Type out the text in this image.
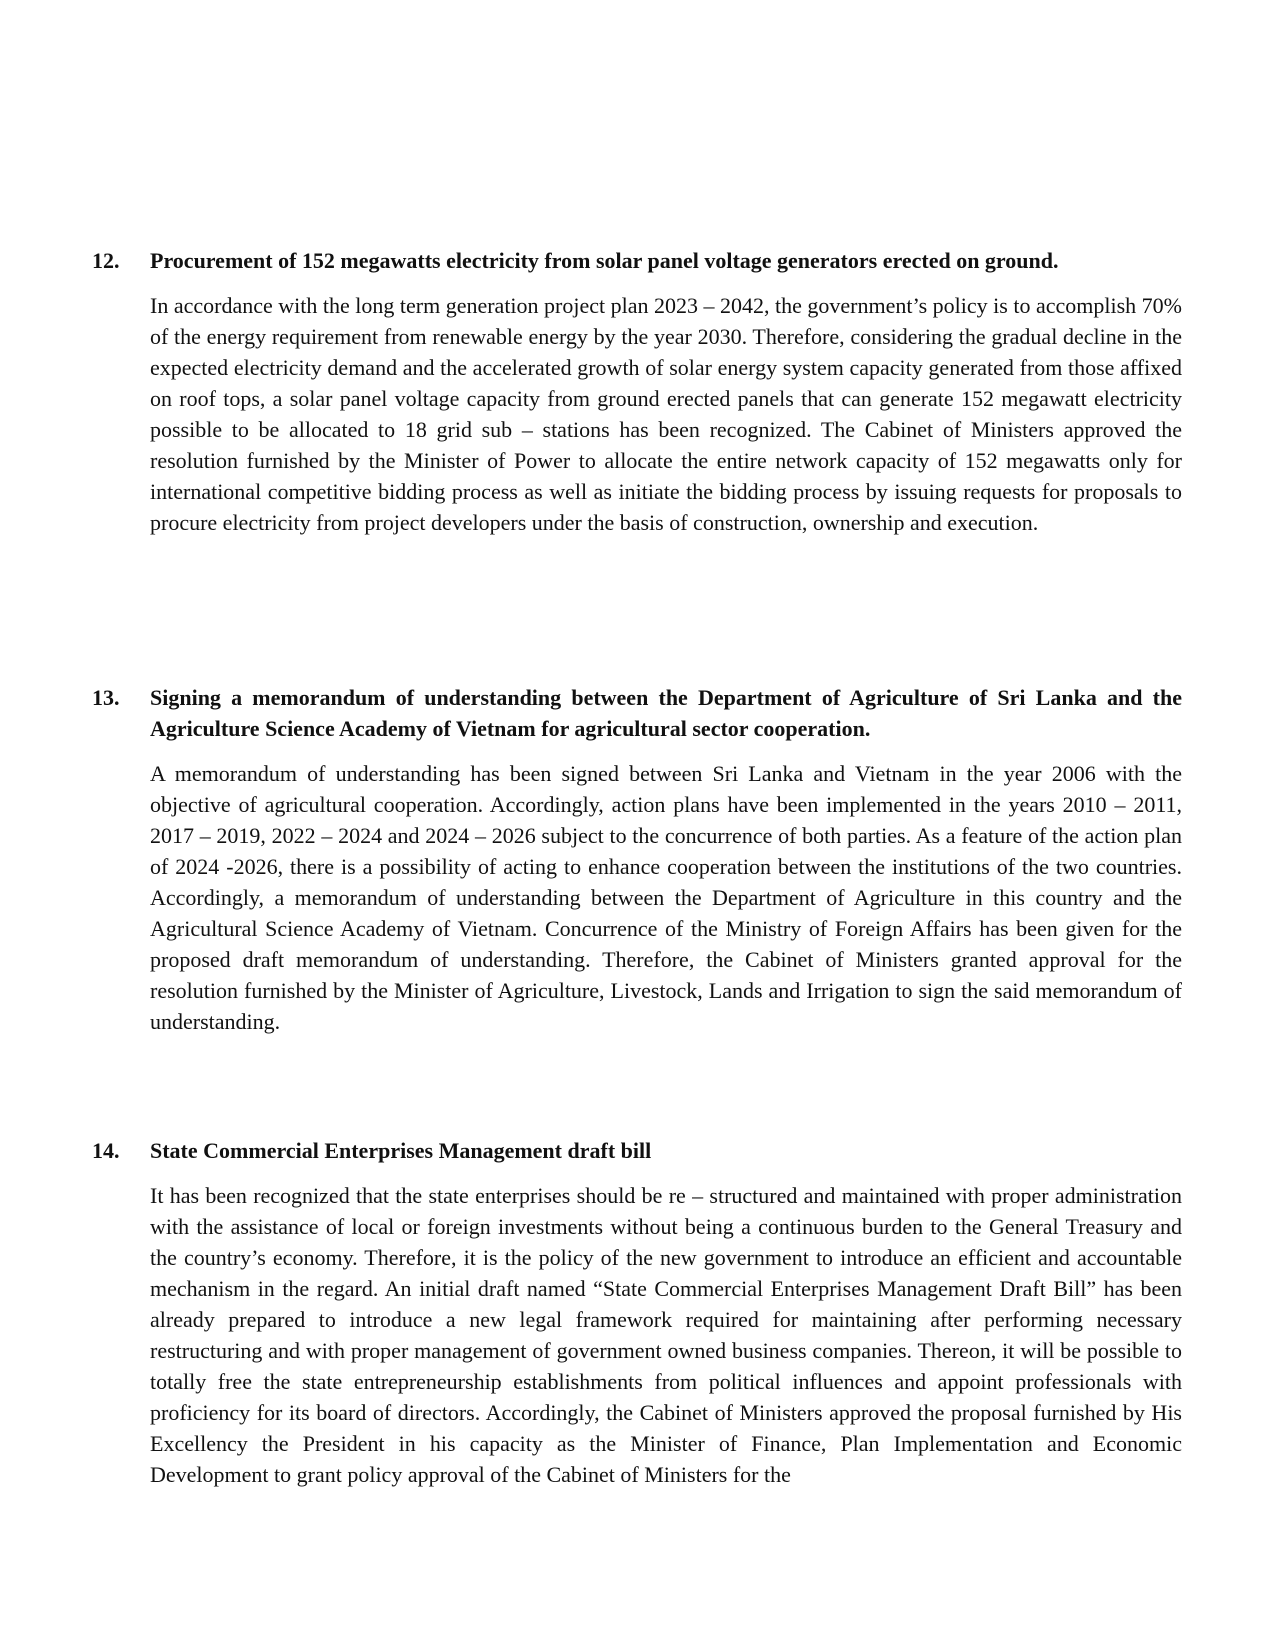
12.	Procurement of 152 megawatts electricity from solar panel voltage generators erected on ground.

In accordance with the long term generation project plan 2023 – 2042, the government’s policy is to accomplish 70% of the energy requirement from renewable energy by the year 2030. Therefore, considering the gradual decline in the expected electricity demand and the accelerated growth of solar energy system capacity generated from those affixed on roof tops, a solar panel voltage capacity from ground erected panels that can generate 152 megawatt electricity possible to be allocated to 18 grid sub – stations has been recognized. The Cabinet of Ministers approved the resolution furnished by the Minister of Power to allocate the entire network capacity of 152 megawatts only for international competitive bidding process as well as initiate the bidding process by issuing requests for proposals to procure electricity from project developers under the basis of construction, ownership and execution.

13.	Signing a memorandum of understanding between the Department of Agriculture of Sri Lanka and the Agriculture Science Academy of Vietnam for agricultural sector cooperation.

A memorandum of understanding has been signed between Sri Lanka and Vietnam in the year 2006 with the objective of agricultural cooperation. Accordingly, action plans have been implemented in the years 2010 – 2011, 2017 – 2019, 2022 – 2024 and 2024 – 2026 subject to the concurrence of both parties. As a feature of the action plan of 2024 -2026, there is a possibility of acting to enhance cooperation between the institutions of the two countries. Accordingly, a memorandum of understanding between the Department of Agriculture in this country and the Agricultural Science Academy of Vietnam. Concurrence of the Ministry of Foreign Affairs has been given for the proposed draft memorandum of understanding. Therefore, the Cabinet of Ministers granted approval for the resolution furnished by the Minister of Agriculture, Livestock, Lands and Irrigation to sign the said memorandum of understanding.

14.	State Commercial Enterprises Management draft bill

It has been recognized that the state enterprises should be re – structured and maintained with proper administration with the assistance of local or foreign investments without being a continuous burden to the General Treasury and the country’s economy. Therefore, it is the policy of the new government to introduce an efficient and accountable mechanism in the regard. An initial draft named “State Commercial Enterprises Management Draft Bill” has been already prepared to introduce a new legal framework required for maintaining after performing necessary restructuring and with proper management of government owned business companies. Thereon, it will be possible to totally free the state entrepreneurship establishments from political influences and appoint professionals with proficiency for its board of directors. Accordingly, the Cabinet of Ministers approved the proposal furnished by His Excellency the President in his capacity as the Minister of Finance, Plan Implementation and Economic Development to grant policy approval of the Cabinet of Ministers for the
